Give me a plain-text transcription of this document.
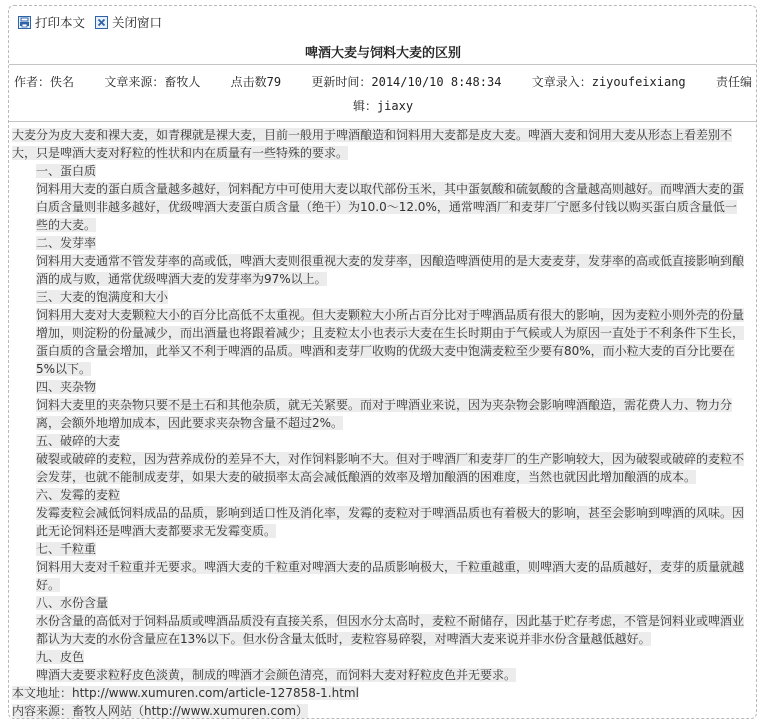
打印本文 关闭窗口
啤酒大麦与饲料大麦的区别
作者：佚名	文章来源：畜牧人	点击数79	更新时间：2014/10/10 8:48:34	文章录入：ziyoufeixiang	责任编
辑：jiaxy

大麦分为皮大麦和裸大麦，如青稞就是裸大麦，目前一般用于啤酒酿造和饲料用大麦都是皮大麦。啤酒大麦和饲用大麦从形态上看差别不大，只是啤酒大麦对籽粒的性状和内在质量有一些特殊的要求。

一、蛋白质

饲料用大麦的蛋白质含量越多越好，饲料配方中可使用大麦以取代部份玉米，其中蛋氨酸和硫氨酸的含量越高则越好。而啤酒大麦的蛋白质含量则非越多越好，优级啤酒大麦蛋白质含量（绝干）为10.0～12.0%，通常啤酒厂和麦芽厂宁愿多付钱以购买蛋白质含量低一些的大麦。

二、发芽率

饲料用大麦通常不管发芽率的高或低，啤酒大麦则很重视大麦的发芽率，因酿造啤酒使用的是大麦麦芽，发芽率的高或低直接影响到酿酒的成与败，通常优级啤酒大麦的发芽率为97%以上。

三、大麦的饱满度和大小

饲料用大麦对大麦颗粒大小的百分比高低不太重视。但大麦颗粒大小所占百分比对于啤酒品质有很大的影响，因为麦粒小则外壳的份量增加，则淀粉的份量减少，而出酒量也将跟着减少；且麦粒太小也表示大麦在生长时期由于气候或人为原因一直处于不利条件下生长，蛋白质的含量会增加，此举又不利于啤酒的品质。啤酒和麦芽厂收购的优级大麦中饱满麦粒至少要有80%，而小粒大麦的百分比要在5%以下。

四、夹杂物

饲料大麦里的夹杂物只要不是土石和其他杂质，就无关紧要。而对于啤酒业来说，因为夹杂物会影响啤酒酿造，需花费人力、物力分离，会额外地增加成本，因此要求夹杂物含量不超过2%。

五、破碎的大麦

破裂或破碎的麦粒，因为营养成份的差异不大，对作饲料影响不大。但对于啤酒厂和麦芽厂的生产影响较大，因为破裂或破碎的麦粒不会发芽，也就不能制成麦芽，如果大麦的破损率太高会减低酿酒的效率及增加酿酒的困难度，当然也就因此增加酿酒的成本。

六、发霉的麦粒

发霉麦粒会减低饲料成品的品质，影响到适口性及消化率，发霉的麦粒对于啤酒品质也有着极大的影响，甚至会影响到啤酒的风味。因此无论饲料还是啤酒大麦都要求无发霉变质。

七、千粒重

饲料用大麦对千粒重并无要求。啤酒大麦的千粒重对啤酒大麦的品质影响极大，千粒重越重，则啤酒大麦的品质越好，麦芽的质量就越好。

八、水份含量

水份含量的高低对于饲料品质或啤酒品质没有直接关系，但因水分太高时，麦粒不耐储存，因此基于贮存考虑，不管是饲料业或啤酒业都认为大麦的水份含量应在13%以下。但水份含量太低时，麦粒容易碎裂，对啤酒大麦来说并非水份含量越低越好。

九、皮色

啤酒大麦要求粒籽皮色淡黄，制成的啤酒才会颜色清亮，而饲料大麦对籽粒皮色并无要求。

本文地址：http://www.xumuren.com/article-127858-1.html

内容来源：畜牧人网站（http://www.xumuren.com）
